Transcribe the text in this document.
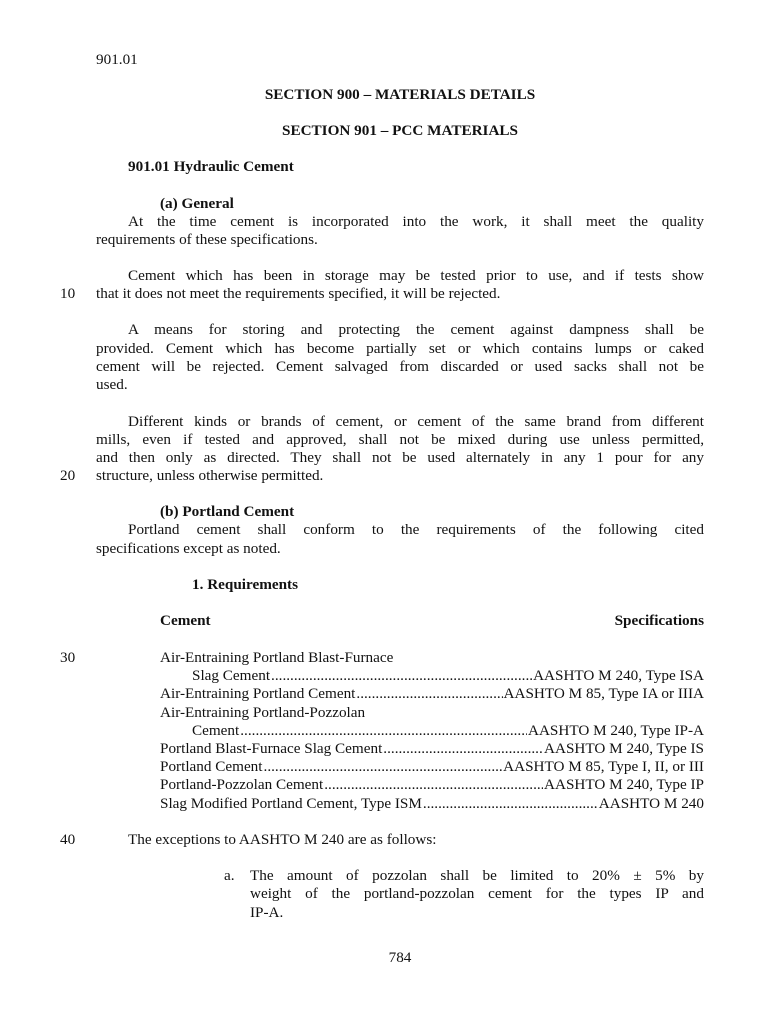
901.01
SECTION 900 – MATERIALS DETAILS
SECTION 901 – PCC MATERIALS
901.01 Hydraulic Cement
(a) General
At the time cement is incorporated into the work, it shall meet the quality
requirements of these specifications.
Cement which has been in storage may be tested prior to use, and if tests show
10 that it does not meet the requirements specified, it will be rejected.
A means for storing and protecting the cement against dampness shall be
provided. Cement which has become partially set or which contains lumps or caked
cement will be rejected. Cement salvaged from discarded or used sacks shall not be
used.
Different kinds or brands of cement, or cement of the same brand from different
mills, even if tested and approved, shall not be mixed during use unless permitted,
and then only as directed. They shall not be used alternately in any 1 pour for any
20 structure, unless otherwise permitted.
(b) Portland Cement
Portland cement shall conform to the requirements of the following cited
specifications except as noted.
1. Requirements
Cement	Specifications
30	Air-Entraining Portland Blast-Furnace
Slag Cement .....	AASHTO M 240, Type ISA
Air-Entraining Portland Cement .....	AASHTO M 85, Type IA or IIIA
Air-Entraining Portland-Pozzolan
Cement .....	AASHTO M 240, Type IP-A
Portland Blast-Furnace Slag Cement .....	AASHTO M 240, Type IS
Portland Cement .....	AASHTO M 85, Type I, II, or III
Portland-Pozzolan Cement .....	AASHTO M 240, Type IP
Slag Modified Portland Cement, Type ISM .....	AASHTO M 240
40	The exceptions to AASHTO M 240 are as follows:
a. The amount of pozzolan shall be limited to 20% ± 5% by
weight of the portland-pozzolan cement for the types IP and
IP-A.
784
